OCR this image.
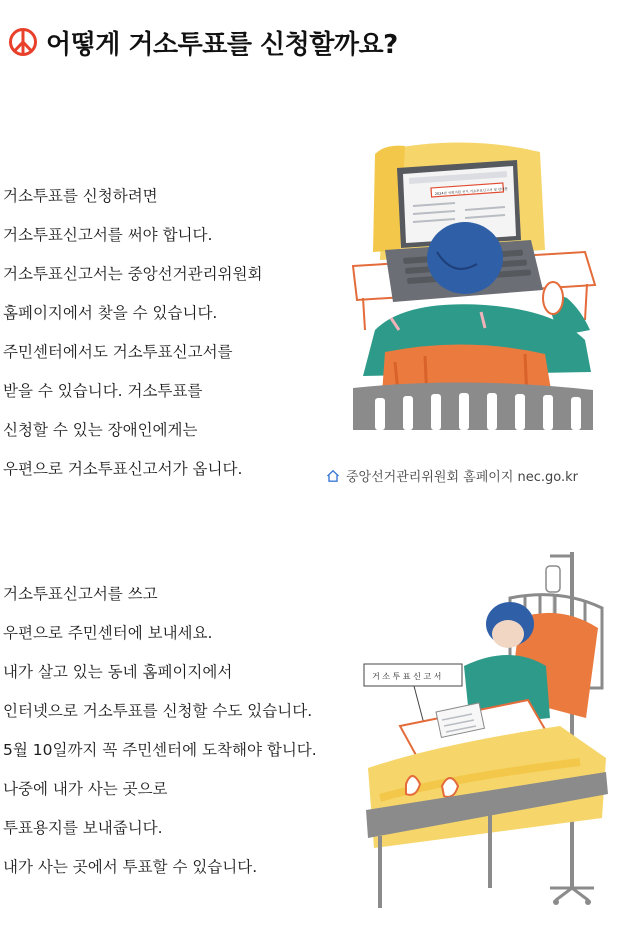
어떻게 거소투표를 신청할까요?

거소투표를 신청하려면

거소투표신고서를 써야 합니다.

거소투표신고서는 중앙선거관리위원회

홈페이지에서 찾을 수 있습니다.

주민센터에서도 거소투표신고서를

받을 수 있습니다. 거소투표를

신청할 수 있는 장애인에게는

우편으로 거소투표신고서가 옵니다.

2024년 국회의원 선거 거소투표신고서 및 안내문
중앙선거관리위원회 홈페이지 nec.go.kr

거소투표신고서를 쓰고

우편으로 주민센터에 보내세요.

내가 살고 있는 동네 홈페이지에서

인터넷으로 거소투표를 신청할 수도 있습니다.

5월 10일까지 꼭 주민센터에 도착해야 합니다.

나중에 내가 사는 곳으로

투표용지를 보내줍니다.

내가 사는 곳에서 투표할 수 있습니다.

거 소 투 표 신 고 서
